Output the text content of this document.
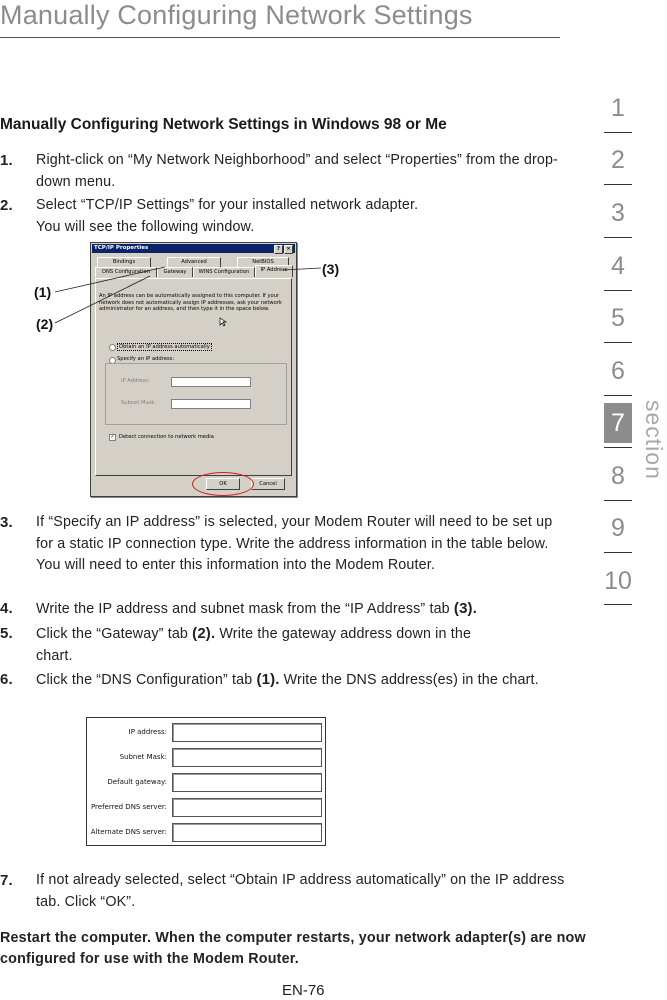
Manually Configuring Network Settings
1
2
3
4
5
6
7
8
9
10
section
Manually Configuring Network Settings in Windows 98 or Me
1. Right-click on “My Network Neighborhood” and select “Properties” from the drop-down menu.
2. Select “TCP/IP Settings” for your installed network adapter.
You will see the following window.
TCP/IP Properties	? ×
Bindings	Advanced	NetBIOS
DNS Configuration	Gateway	WINS Configuration	IP Address
An IP address can be automatically assigned to this computer. If your network does not automatically assign IP addresses, ask your network administrator for an address, and then type it in the space below.
Obtain an IP address automatically
Specify an IP address:
IP Address:
Subnet Mask:
✓ Detect connection to network media
OK	Cancel
(1)
(2)
(3)
3. If “Specify an IP address” is selected, your Modem Router will need to be set up for a static IP connection type. Write the address information in the table below. You will need to enter this information into the Modem Router.
4. Write the IP address and subnet mask from the “IP Address” tab (3).
5. Click the “Gateway” tab (2). Write the gateway address down in the chart.
6. Click the “DNS Configuration” tab (1). Write the DNS address(es) in the chart.
IP address:
Subnet Mask:
Default gateway:
Preferred DNS server:
Alternate DNS server:
7. If not already selected, select “Obtain IP address automatically” on the IP address tab. Click “OK”.
Restart the computer. When the computer restarts, your network adapter(s) are now configured for use with the Modem Router.
EN-76
